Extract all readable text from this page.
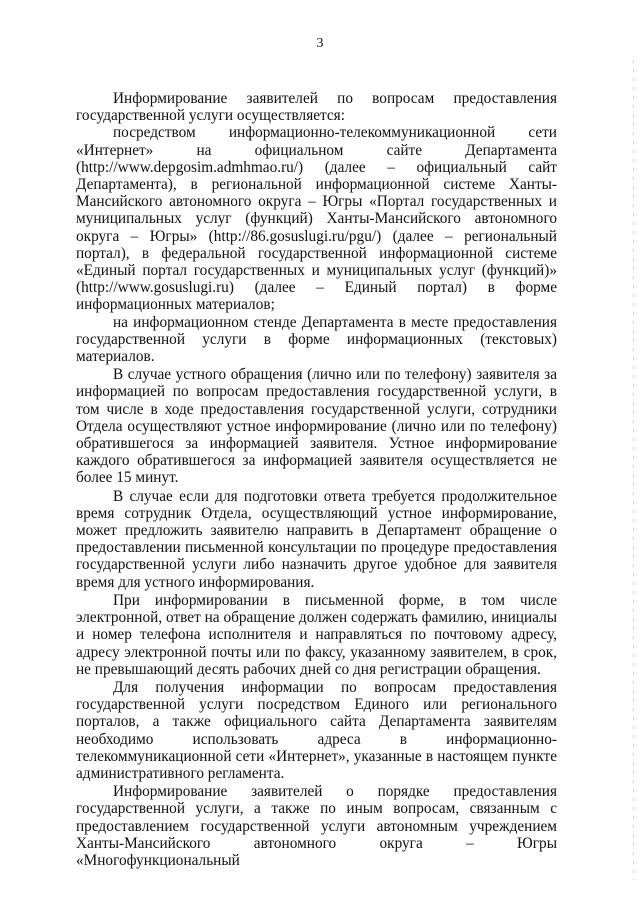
3

Информирование заявителей по вопросам предоставления государственной услуги осуществляется:

посредством информационно-телекоммуникационной сети «Интернет» на официальном сайте Департамента (http://www.depgosim.admhmao.ru/) (далее – официальный сайт Департамента), в региональной информационной системе Ханты-Мансийского автономного округа – Югры «Портал государственных и муниципальных услуг (функций) Ханты-Мансийского автономного округа – Югры» (http://86.gosuslugi.ru/pgu/) (далее – региональный портал), в федеральной государственной информационной системе «Единый портал государственных и муниципальных услуг (функций)» (http://www.gosuslugi.ru) (далее – Единый портал) в форме информационных материалов;

на информационном стенде Департамента в месте предоставления государственной услуги в форме информационных (текстовых) материалов.

В случае устного обращения (лично или по телефону) заявителя за информацией по вопросам предоставления государственной услуги, в том числе в ходе предоставления государственной услуги, сотрудники Отдела осуществляют устное информирование (лично или по телефону) обратившегося за информацией заявителя. Устное информирование каждого обратившегося за информацией заявителя осуществляется не более 15 минут.

В случае если для подготовки ответа требуется продолжительное время сотрудник Отдела, осуществляющий устное информирование, может предложить заявителю направить в Департамент обращение о предоставлении письменной консультации по процедуре предоставления государственной услуги либо назначить другое удобное для заявителя время для устного информирования.

При информировании в письменной форме, в том числе электронной, ответ на обращение должен содержать фамилию, инициалы и номер телефона исполнителя и направляться по почтовому адресу, адресу электронной почты или по факсу, указанному заявителем, в срок, не превышающий десять рабочих дней со дня регистрации обращения.

Для получения информации по вопросам предоставления государственной услуги посредством Единого или регионального порталов, а также официального сайта Департамента заявителям необходимо использовать адреса в информационно-телекоммуникационной сети «Интернет», указанные в настоящем пункте административного регламента.

Информирование заявителей о порядке предоставления государственной услуги, а также по иным вопросам, связанным с предоставлением государственной услуги автономным учреждением Ханты-Мансийского автономного округа – Югры «Многофункциональный
